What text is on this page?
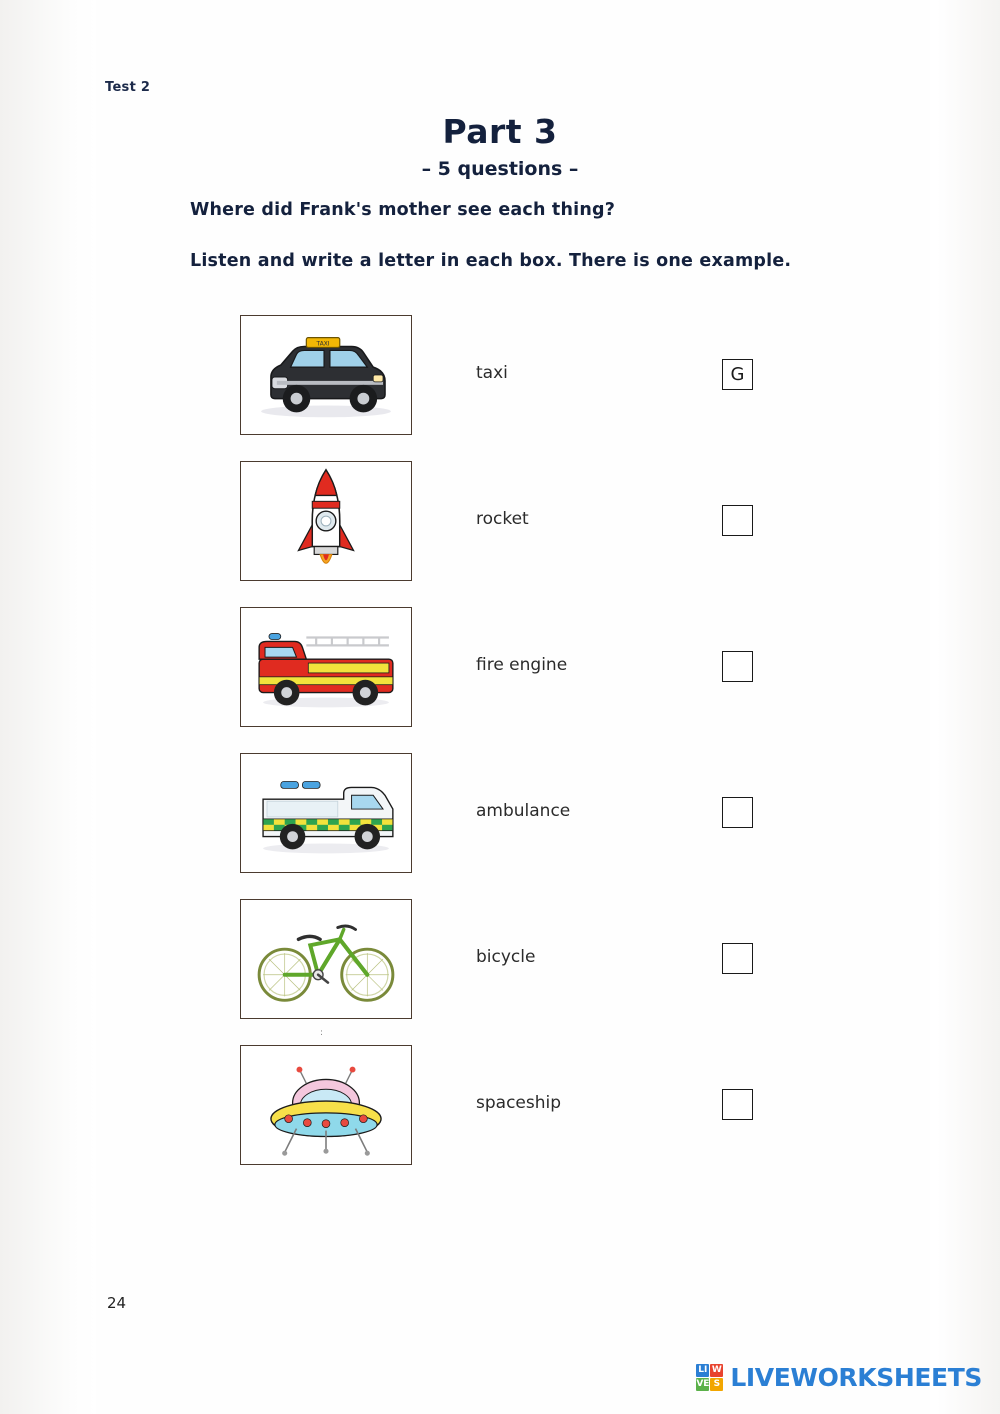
Test 2
Part 3
– 5 questions –
Where did Frank's mother see each thing?
Listen and write a letter in each box. There is one example.
TAXI
taxi	G
rocket
fire engine
ambulance
bicycle
spaceship
:
24
LI W
VE S LIVEWORKSHEETS
